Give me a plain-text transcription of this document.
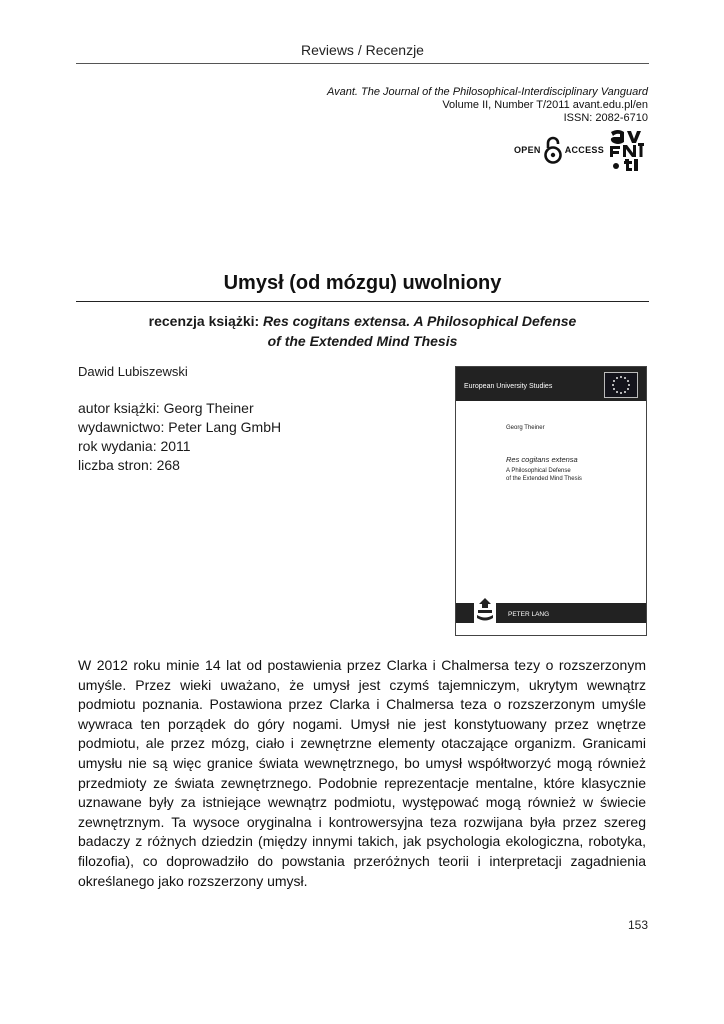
Reviews / Recenzje
Avant. The Journal of the Philosophical-Interdisciplinary Vanguard
Volume II, Number T/2011 avant.edu.pl/en
ISSN: 2082-6710
OPEN	ACCESS
Umysł (od mózgu) uwolniony
recenzja książki: Res cogitans extensa. A Philosophical Defense
of the Extended Mind Thesis
Dawid Lubiszewski
autor książki: Georg Theiner
wydawnictwo: Peter Lang GmbH
rok wydania: 2011
liczba stron: 268
European University Studies
Georg Theiner
Res cogitans extensa
A Philosophical Defense
of the Extended Mind Thesis
PETER LANG

W 2012 roku minie 14 lat od postawienia przez Clarka i Chalmersa tezy o rozszerzonym umyśle. Przez wieki uważano, że umysł jest czymś tajemniczym, ukrytym wewnątrz podmiotu poznania. Postawiona przez Clarka i Chalmersa teza o rozszerzonym umyśle wywraca ten porządek do góry nogami. Umysł nie jest konstytuowany przez wnętrze podmiotu, ale przez mózg, ciało i zewnętrzne elementy otaczające organizm. Granicami umysłu nie są więc granice świata wewnętrznego, bo umysł współtworzyć mogą również przedmioty ze świata zewnętrznego. Podobnie reprezentacje mentalne, które klasycznie uznawane były za istniejące wewnątrz podmiotu, występować mogą również w świecie zewnętrznym. Ta wysoce oryginalna i kontrowersyjna teza rozwijana była przez szereg badaczy z różnych dziedzin (między innymi takich, jak psychologia ekologiczna, robotyka, filozofia), co doprowadziło do powstania przeróżnych teorii i interpretacji zagadnienia określanego jako rozszerzony umysł.

153
